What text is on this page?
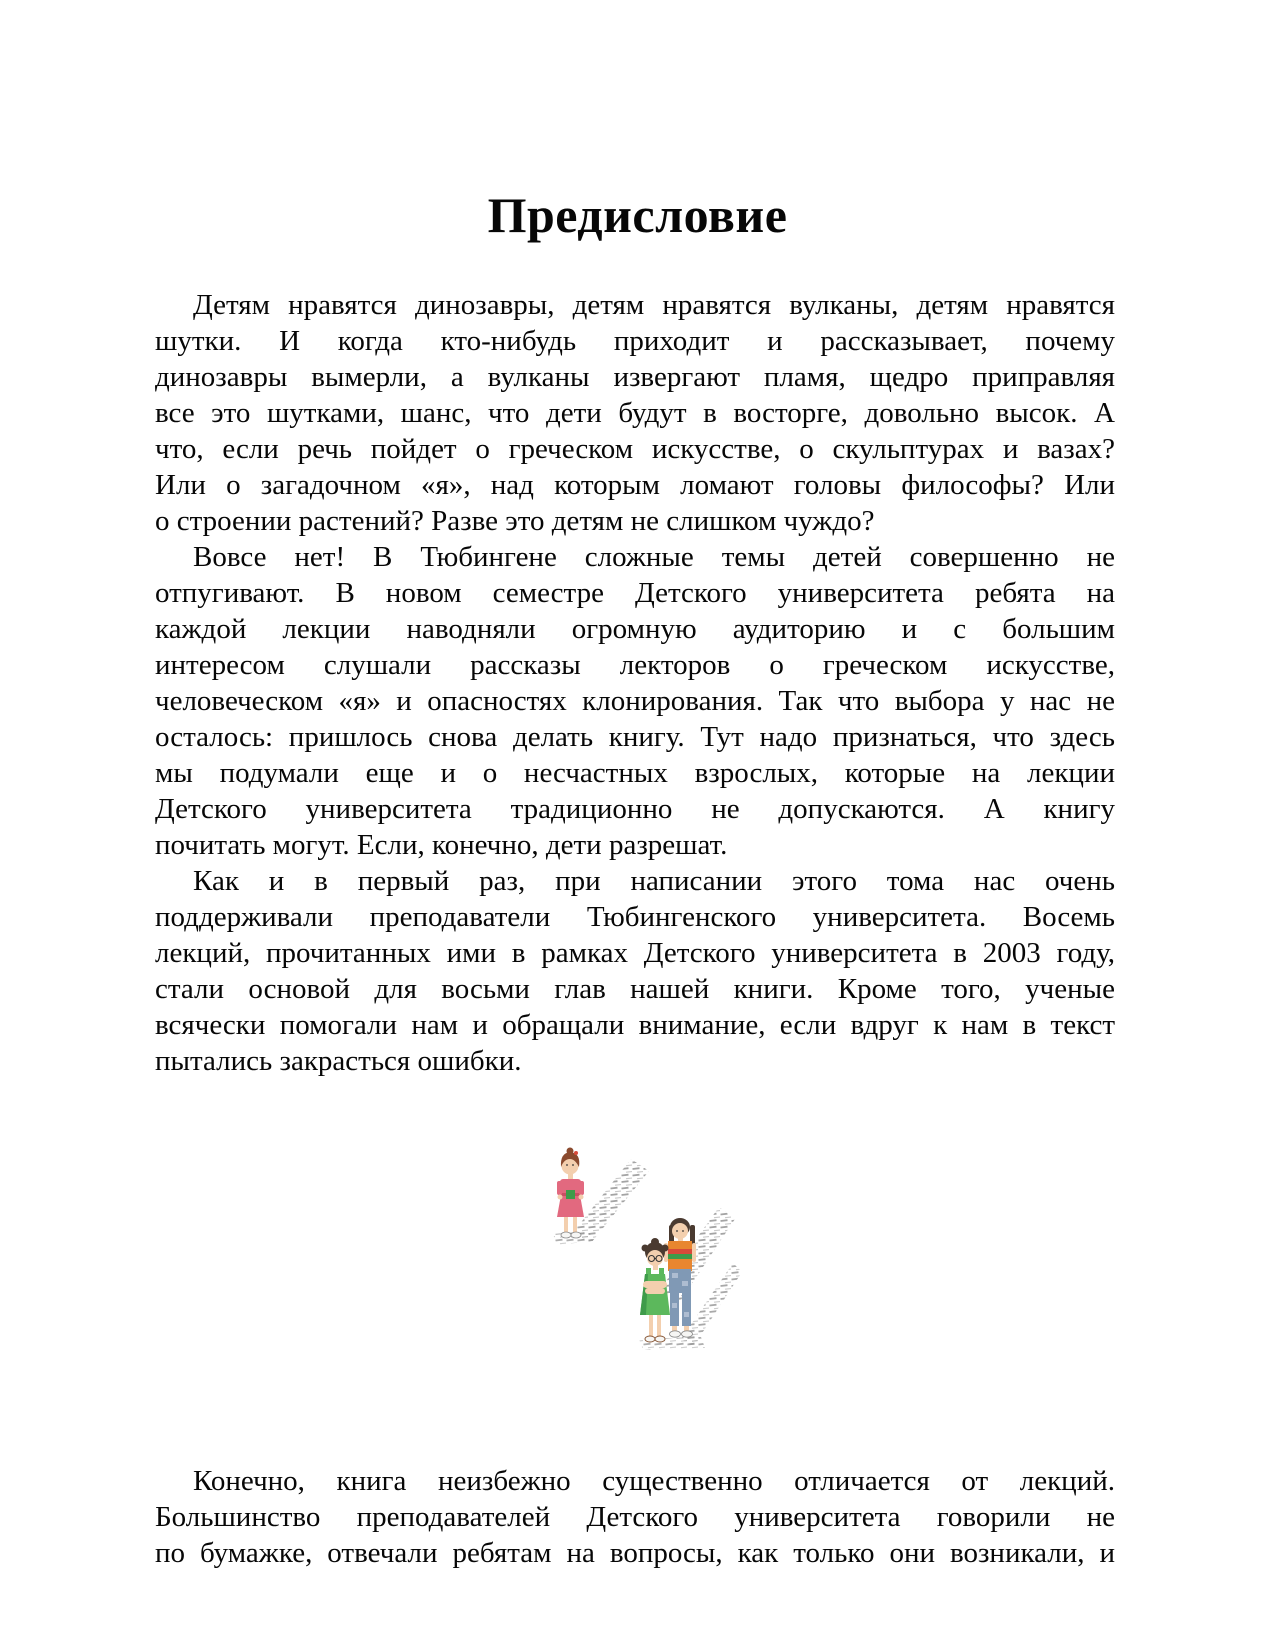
Предисловие
Детям нравятся динозавры, детям нравятся вулканы, детям нравятся
шутки. И когда кто-нибудь приходит и рассказывает, почему
динозавры вымерли, а вулканы извергают пламя, щедро приправляя
все это шутками, шанс, что дети будут в восторге, довольно высок. А
что, если речь пойдет о греческом искусстве, о скульптурах и вазах?
Или о загадочном «я», над которым ломают головы философы? Или
о строении растений? Разве это детям не слишком чуждо?
Вовсе нет! В Тюбингене сложные темы детей совершенно не
отпугивают. В новом семестре Детского университета ребята на
каждой лекции наводняли огромную аудиторию и с большим
интересом слушали рассказы лекторов о греческом искусстве,
человеческом «я» и опасностях клонирования. Так что выбора у нас не
осталось: пришлось снова делать книгу. Тут надо признаться, что здесь
мы подумали еще и о несчастных взрослых, которые на лекции
Детского университета традиционно не допускаются. А книгу
почитать могут. Если, конечно, дети разрешат.
Как и в первый раз, при написании этого тома нас очень
поддерживали преподаватели Тюбингенского университета. Восемь
лекций, прочитанных ими в рамках Детского университета в 2003 году,
стали основой для восьми глав нашей книги. Кроме того, ученые
всячески помогали нам и обращали внимание, если вдруг к нам в текст
пытались закрасться ошибки.
Конечно, книга неизбежно существенно отличается от лекций.
Большинство преподавателей Детского университета говорили не
по бумажке, отвечали ребятам на вопросы, как только они возникали, и
